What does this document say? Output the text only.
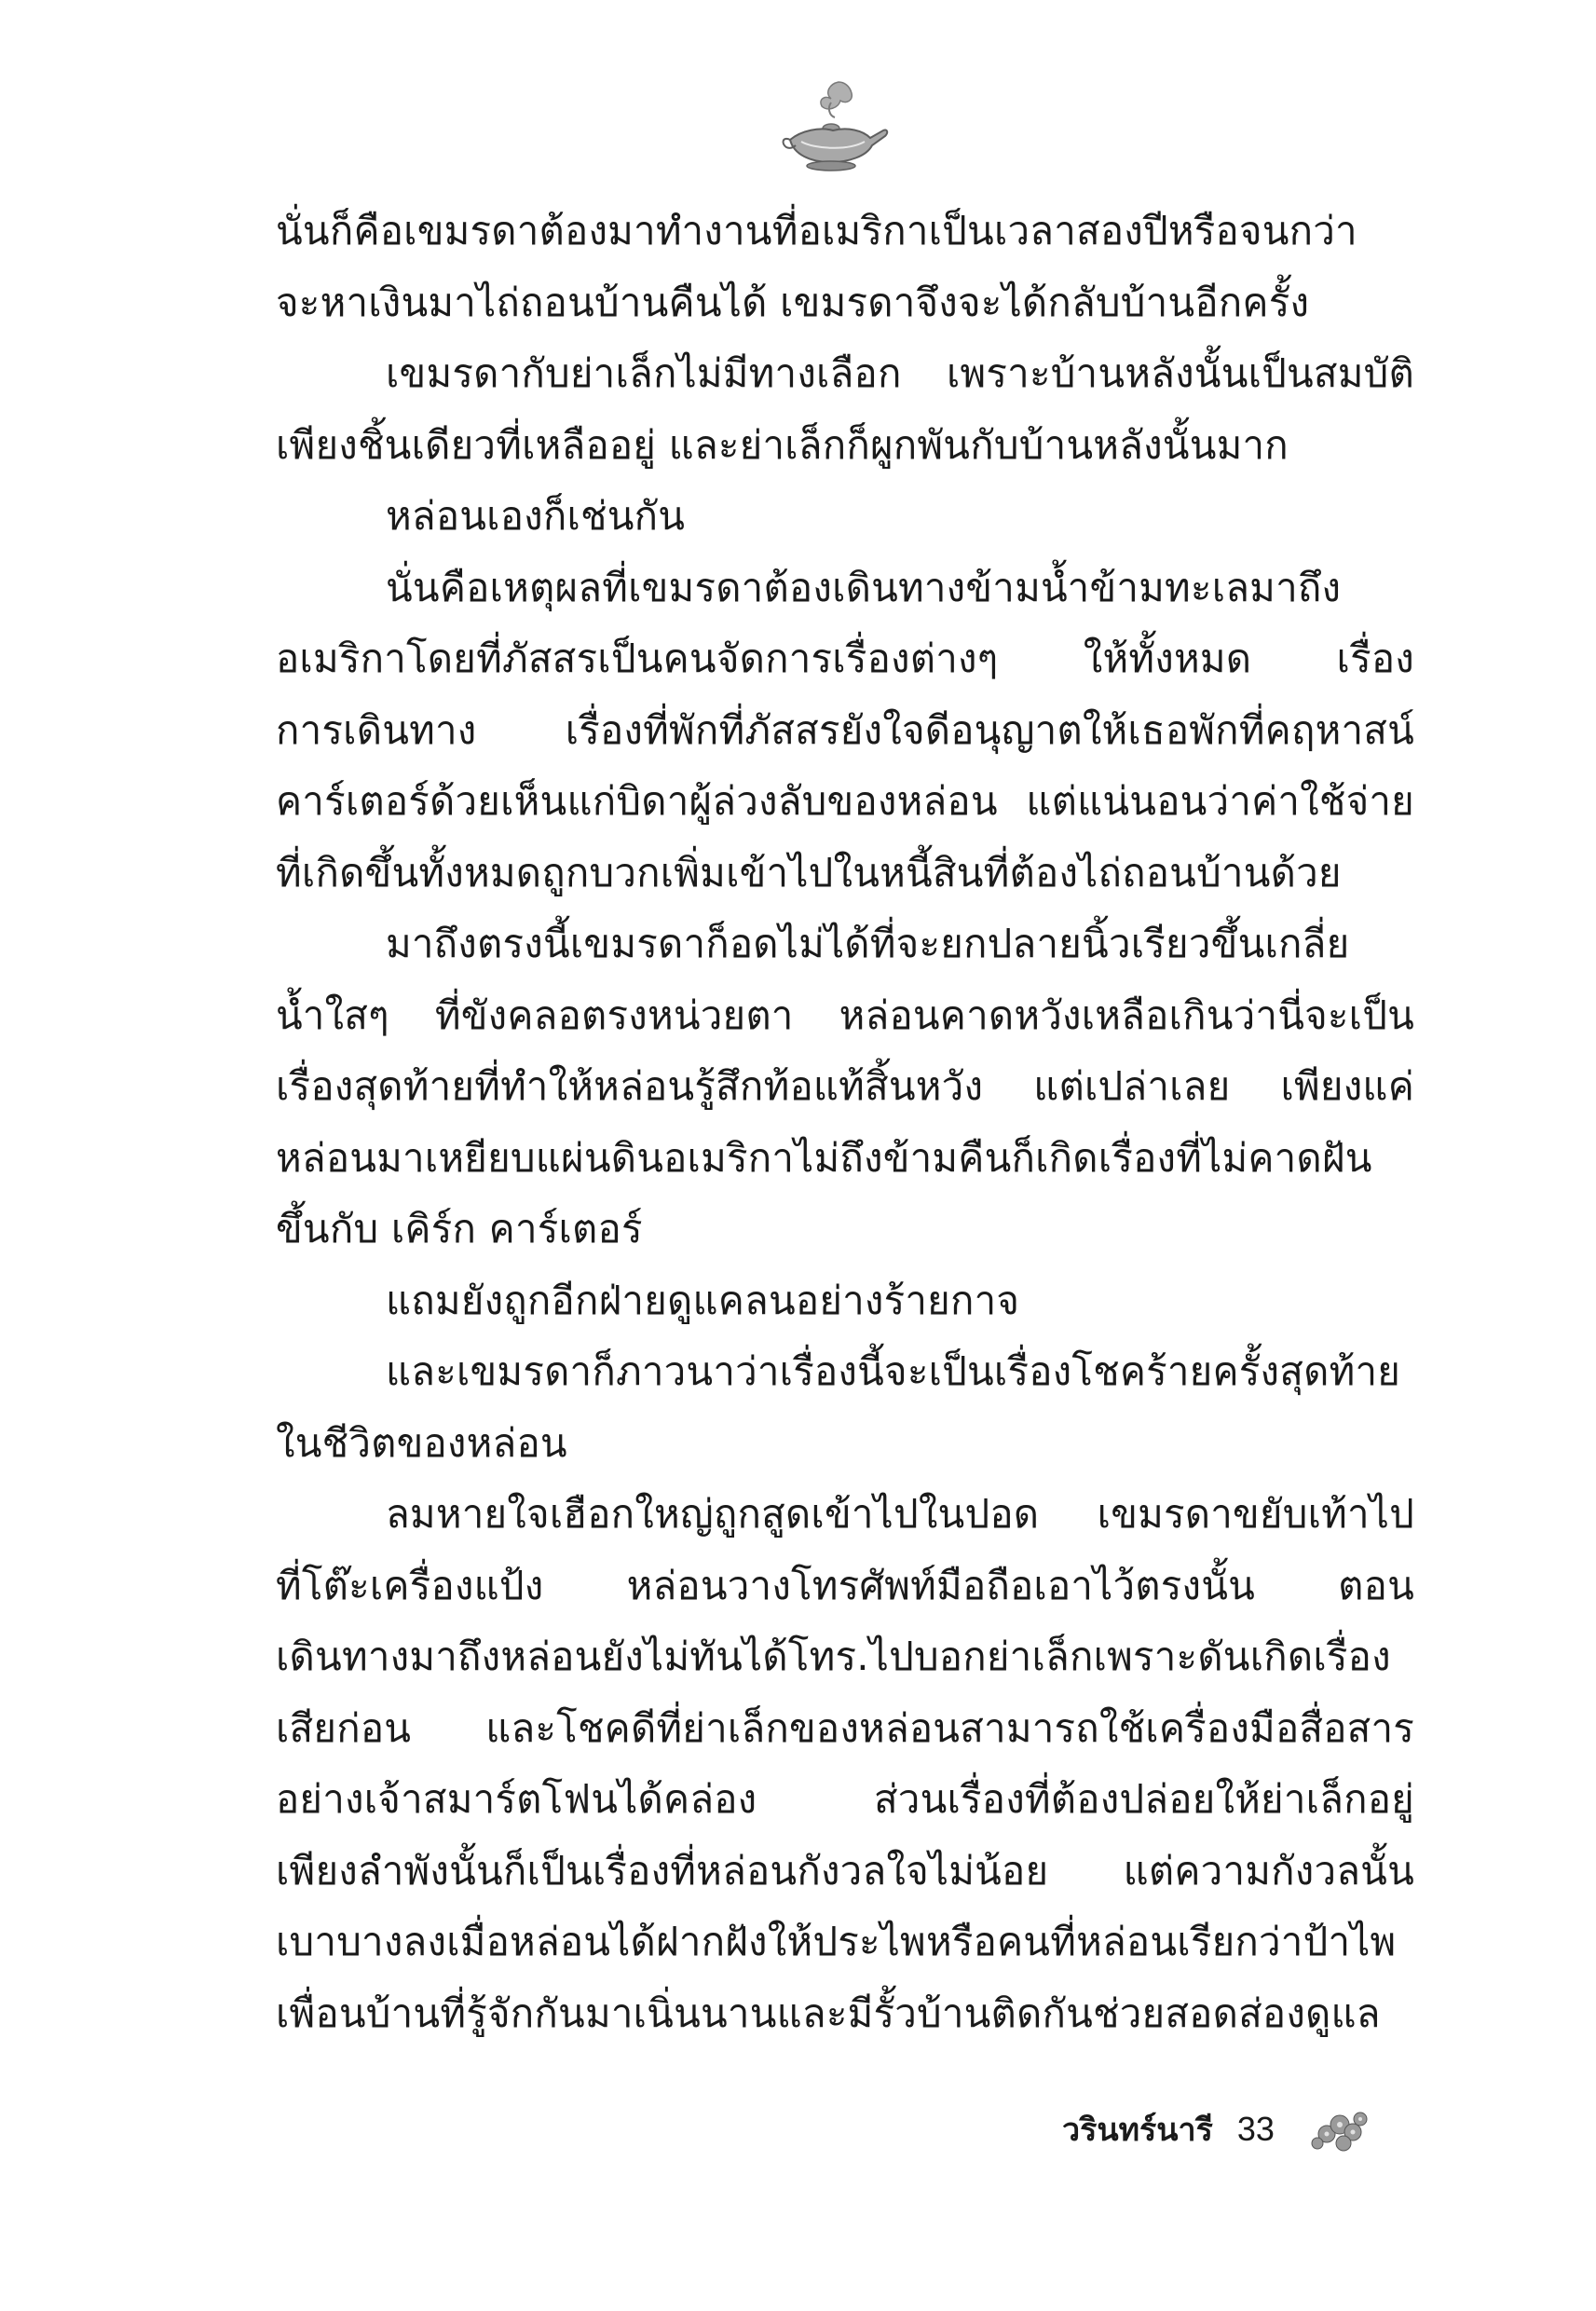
นั่นก็คือเขมรดาต้องมาทำงานที่อเมริกาเป็นเวลาสองปีหรือจนกว่า
จะหาเงินมาไถ่ถอนบ้านคืนได้ เขมรดาจึงจะได้กลับบ้านอีกครั้ง
เขมรดากับย่าเล็กไม่มีทางเลือก เพราะบ้านหลังนั้นเป็นสมบัติ
เพียงชิ้นเดียวที่เหลืออยู่ และย่าเล็กก็ผูกพันกับบ้านหลังนั้นมาก
หล่อนเองก็เช่นกัน
นั่นคือเหตุผลที่เขมรดาต้องเดินทางข้ามน้ำข้ามทะเลมาถึง
อเมริกาโดยที่ภัสสรเป็นคนจัดการเรื่องต่างๆ ให้ทั้งหมด เรื่อง
การเดินทาง เรื่องที่พักที่ภัสสรยังใจดีอนุญาตให้เธอพักที่คฤหาสน์
คาร์เตอร์ด้วยเห็นแก่บิดาผู้ล่วงลับของหล่อน แต่แน่นอนว่าค่าใช้จ่าย
ที่เกิดขึ้นทั้งหมดถูกบวกเพิ่มเข้าไปในหนี้สินที่ต้องไถ่ถอนบ้านด้วย
มาถึงตรงนี้เขมรดาก็อดไม่ได้ที่จะยกปลายนิ้วเรียวขึ้นเกลี่ย
น้ำใสๆ ที่ขังคลอตรงหน่วยตา หล่อนคาดหวังเหลือเกินว่านี่จะเป็น
เรื่องสุดท้ายที่ทำให้หล่อนรู้สึกท้อแท้สิ้นหวัง แต่เปล่าเลย เพียงแค่
หล่อนมาเหยียบแผ่นดินอเมริกาไม่ถึงข้ามคืนก็เกิดเรื่องที่ไม่คาดฝัน
ขึ้นกับ เคิร์ก คาร์เตอร์
แถมยังถูกอีกฝ่ายดูแคลนอย่างร้ายกาจ
และเขมรดาก็ภาวนาว่าเรื่องนี้จะเป็นเรื่องโชคร้ายครั้งสุดท้าย
ในชีวิตของหล่อน
ลมหายใจเฮือกใหญ่ถูกสูดเข้าไปในปอด เขมรดาขยับเท้าไป
ที่โต๊ะเครื่องแป้ง หล่อนวางโทรศัพท์มือถือเอาไว้ตรงนั้น ตอน
เดินทางมาถึงหล่อนยังไม่ทันได้โทร.ไปบอกย่าเล็กเพราะดันเกิดเรื่อง
เสียก่อน และโชคดีที่ย่าเล็กของหล่อนสามารถใช้เครื่องมือสื่อสาร
อย่างเจ้าสมาร์ตโฟนได้คล่อง ส่วนเรื่องที่ต้องปล่อยให้ย่าเล็กอยู่
เพียงลำพังนั้นก็เป็นเรื่องที่หล่อนกังวลใจไม่น้อย แต่ความกังวลนั้น
เบาบางลงเมื่อหล่อนได้ฝากฝังให้ประไพหรือคนที่หล่อนเรียกว่าป้าไพ
เพื่อนบ้านที่รู้จักกันมาเนิ่นนานและมีรั้วบ้านติดกันช่วยสอดส่องดูแล
วรินทร์นารี 33
